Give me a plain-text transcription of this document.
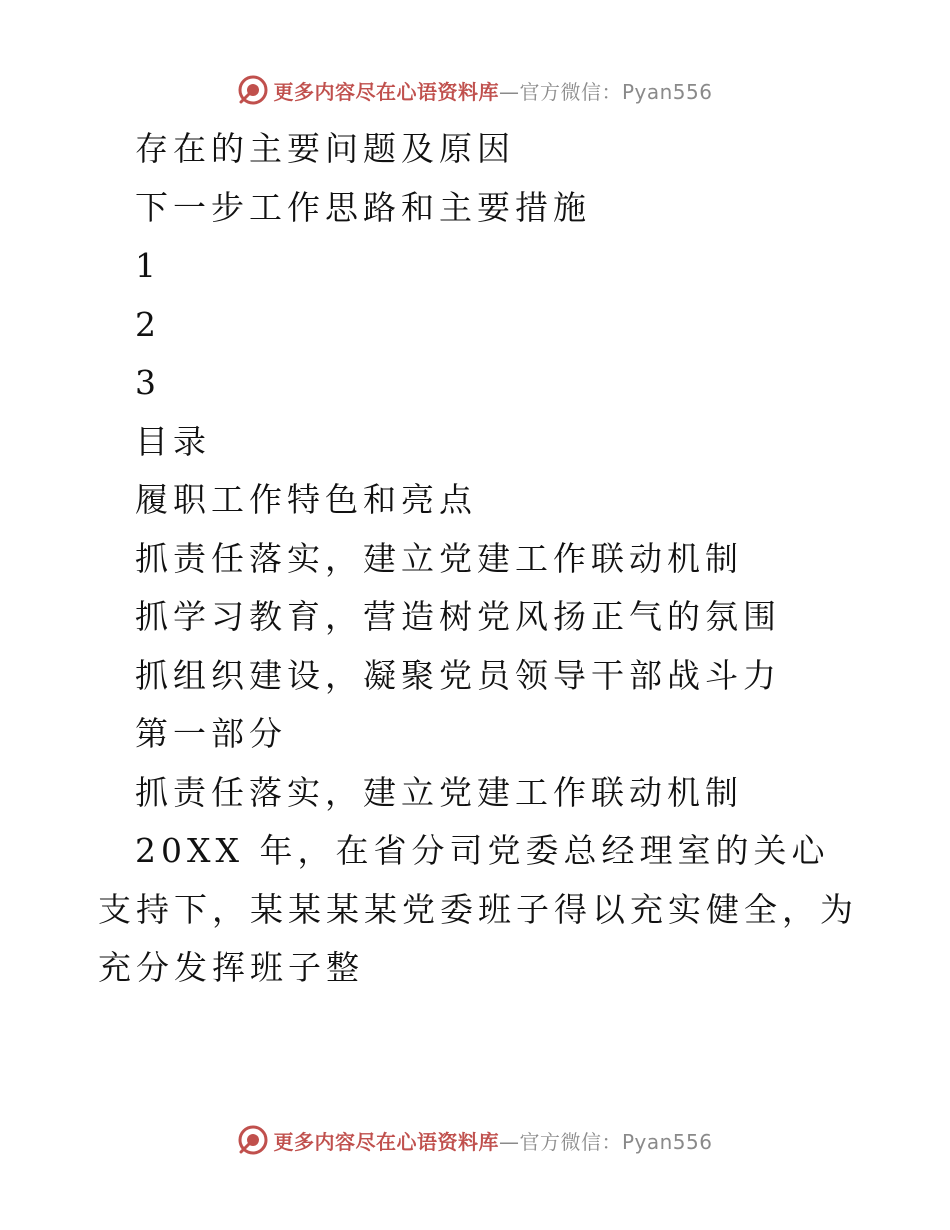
更多内容尽在心语资料库—官方微信：Pyan556
存在的主要问题及原因
下一步工作思路和主要措施
1
2
3
目录
履职工作特色和亮点
抓责任落实，建立党建工作联动机制
抓学习教育，营造树党风扬正气的氛围
抓组织建设，凝聚党员领导干部战斗力
第一部分
抓责任落实，建立党建工作联动机制
20XX 年，在省分司党委总经理室的关心支持下，某某某某党委班子得以充实健全，为充分发挥班子整
更多内容尽在心语资料库—官方微信：Pyan556
